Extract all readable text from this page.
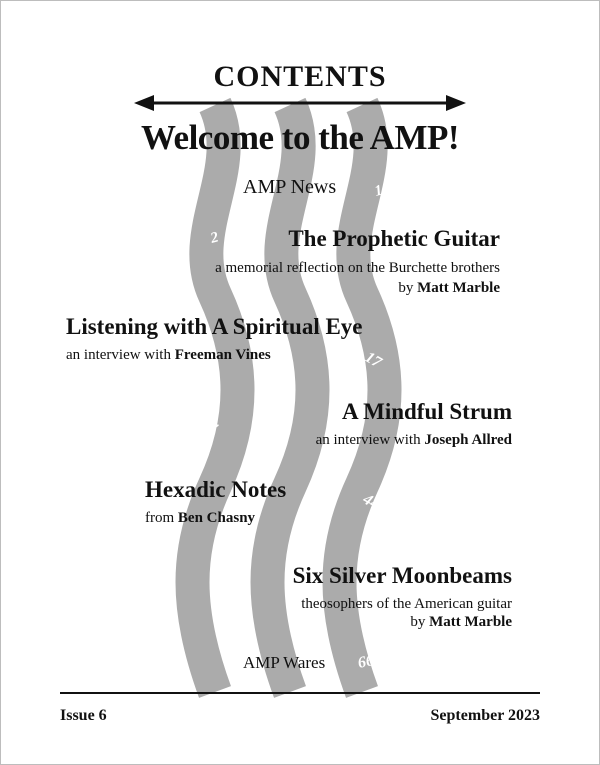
1
2
17
32
44
56
66
CONTENTS
Welcome to the AMP!
AMP News
The Prophetic Guitar
a memorial reflection on the Burchette brothers
by Matt Marble
Listening with A Spiritual Eye
an interview with Freeman Vines
A Mindful Strum
an interview with Joseph Allred
Hexadic Notes
from Ben Chasny
Six Silver Moonbeams
theosophers of the American guitar
by Matt Marble
AMP Wares
Issue 6	September 2023
